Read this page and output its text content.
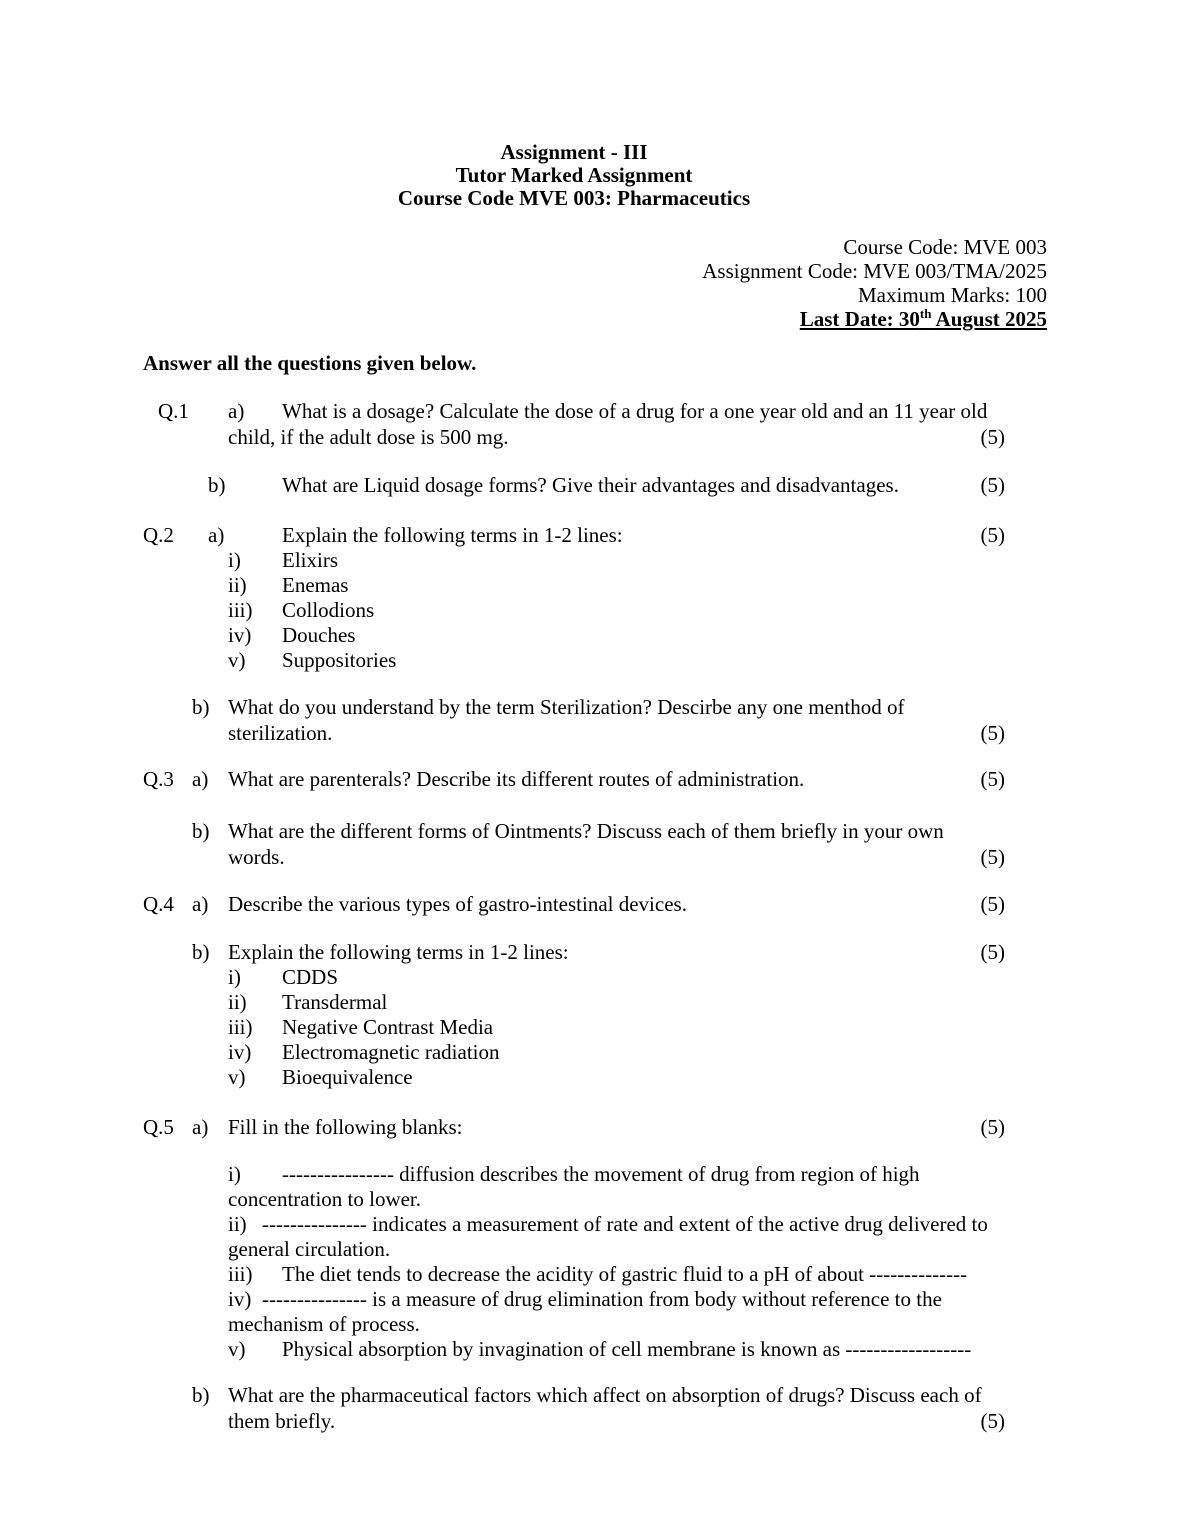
Assignment - III
Tutor Marked Assignment
Course Code MVE 003: Pharmaceutics
Course Code: MVE 003
Assignment Code: MVE 003/TMA/2025
Maximum Marks: 100
Last Date: 30th August 2025
Answer all the questions given below.
Q.1 a)	What is a dosage? Calculate the dose of a drug for a one year old and an 11 year old child, if the adult dose is 500 mg.	(5)
b)	What are Liquid dosage forms? Give their advantages and disadvantages.	(5)
Q.2 a)	Explain the following terms in 1-2 lines:	(5)
i) Elixirs
ii) Enemas
iii) Collodions
iv) Douches
v) Suppositories
b) What do you understand by the term Sterilization? Descirbe any one menthod of sterilization.	(5)
Q.3 a) What are parenterals? Describe its different routes of administration.	(5)
b) What are the different forms of Ointments? Discuss each of them briefly in your own words.	(5)
Q.4 a) Describe the various types of gastro-intestinal devices.	(5)
b) Explain the following terms in 1-2 lines:	(5)
i) CDDS
ii) Transdermal
iii) Negative Contrast Media
iv) Electromagnetic radiation
v) Bioequivalence
Q.5 a) Fill in the following blanks:	(5)
i) ---------------- diffusion describes the movement of drug from region of high concentration to lower.
ii) --------------- indicates a measurement of rate and extent of the active drug delivered to general circulation.
iii) The diet tends to decrease the acidity of gastric fluid to a pH of about --------------
iv) --------------- is a measure of drug elimination from body without reference to the mechanism of process.
v) Physical absorption by invagination of cell membrane is known as ------------------
b) What are the pharmaceutical factors which affect on absorption of drugs? Discuss each of them briefly.	(5)
